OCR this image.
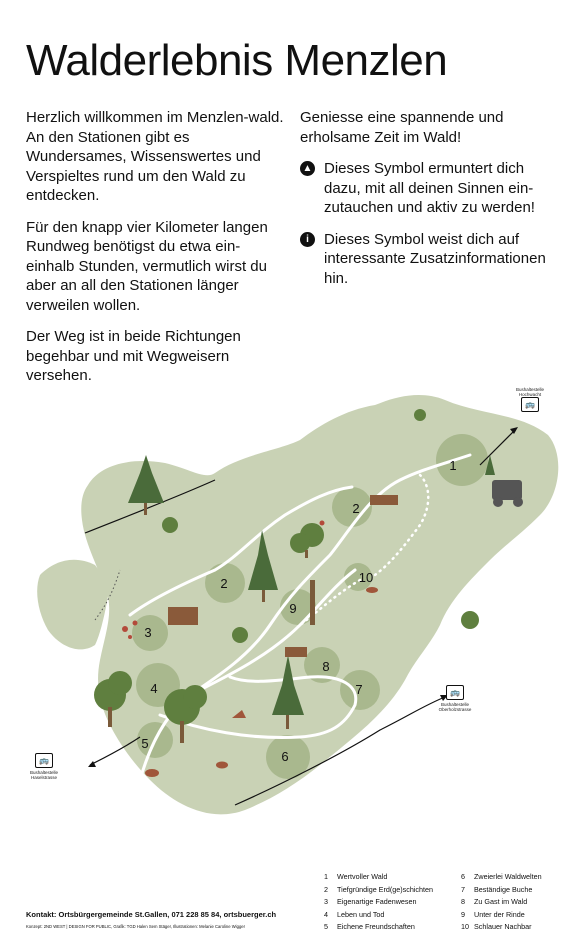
Walderlebnis Menzlen

Herzlich willkommen im Menzlen-wald. An den Stationen gibt es Wundersames, Wissenswertes und Verspieltes rund um den Wald zu entdecken.

Für den knapp vier Kilometer langen Rundweg benötigst du etwa ein-einhalb Stunden, vermutlich wirst du aber an all den Stationen länger verweilen wollen.

Der Weg ist in beide Richtungen begehbar und mit Wegweisern versehen.

Geniesse eine spannende und erholsame Zeit im Wald!

▲ Dieses Symbol ermuntert dich dazu, mit all deinen Sinnen ein-zutauchen und aktiv zu werden!

i	Dieses Symbol weist dich auf interessante Zusatzinformationen hin.

1
2
2
3
4
5
6
7
8
9
10
Bushaltestelle Hochwacht
🚌
🚌
Bushaltestelle Oberholzstrasse
🚌
Bushaltestelle Haselstrasse
1	Wertvoller Wald
2	Tiefgründige Erd(ge)schichten
3	Eigenartige Fadenwesen
4	Leben und Tod
5	Eichene Freundschaften
6	Zweierlei Waldwelten
7	Beständige Buche
8	Zu Gast im Wald
9	Unter der Rinde
10 Schlauer Nachbar
Kontakt: Ortsbürgergemeinde St.Gallen, 071 228 85 84, ortsbuerger.ch
Konzept: 2ND WEST | DESIGN FOR PUBLIC, Grafik: TGD Halen Sem Stäger, Illustrationen: Melanie Caroline Wigger
